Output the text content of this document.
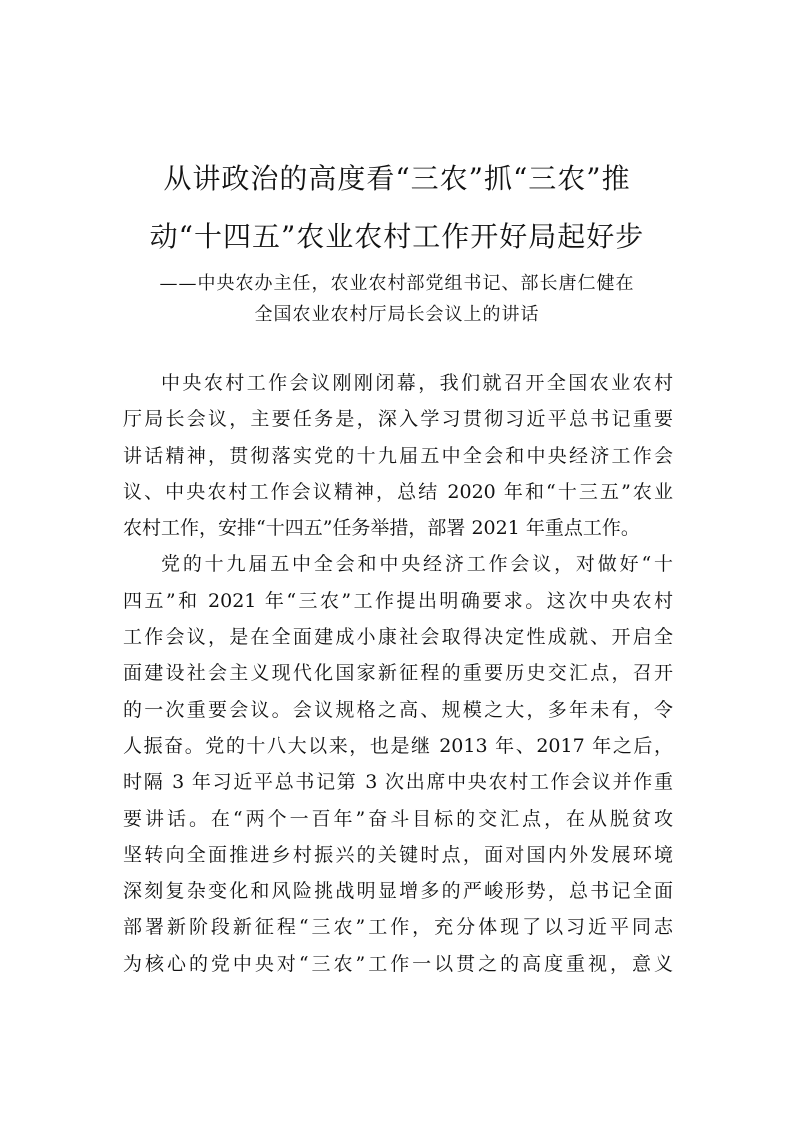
从讲政治的高度看“三农”抓“三农”推
动“十四五”农业农村工作开好局起好步
——中央农办主任，农业农村部党组书记、部长唐仁健在
全国农业农村厅局长会议上的讲话
中央农村工作会议刚刚闭幕，我们就召开全国农业农村
厅局长会议，主要任务是，深入学习贯彻习近平总书记重要
讲话精神，贯彻落实党的十九届五中全会和中央经济工作会
议、中央农村工作会议精神，总结 2020 年和“十三五”农业
农村工作，安排“十四五”任务举措，部署 2021 年重点工作。
党的十九届五中全会和中央经济工作会议，对做好“十
四五”和 2021 年“三农”工作提出明确要求。这次中央农村
工作会议，是在全面建成小康社会取得决定性成就、开启全
面建设社会主义现代化国家新征程的重要历史交汇点，召开
的一次重要会议。会议规格之高、规模之大，多年未有，令
人振奋。党的十八大以来，也是继 2013 年、2017 年之后，
时隔 3 年习近平总书记第 3 次出席中央农村工作会议并作重
要讲话。在“两个一百年”奋斗目标的交汇点，在从脱贫攻
坚转向全面推进乡村振兴的关键时点，面对国内外发展环境
深刻复杂变化和风险挑战明显增多的严峻形势，总书记全面
部署新阶段新征程“三农”工作，充分体现了以习近平同志
为核心的党中央对“三农”工作一以贯之的高度重视，意义
